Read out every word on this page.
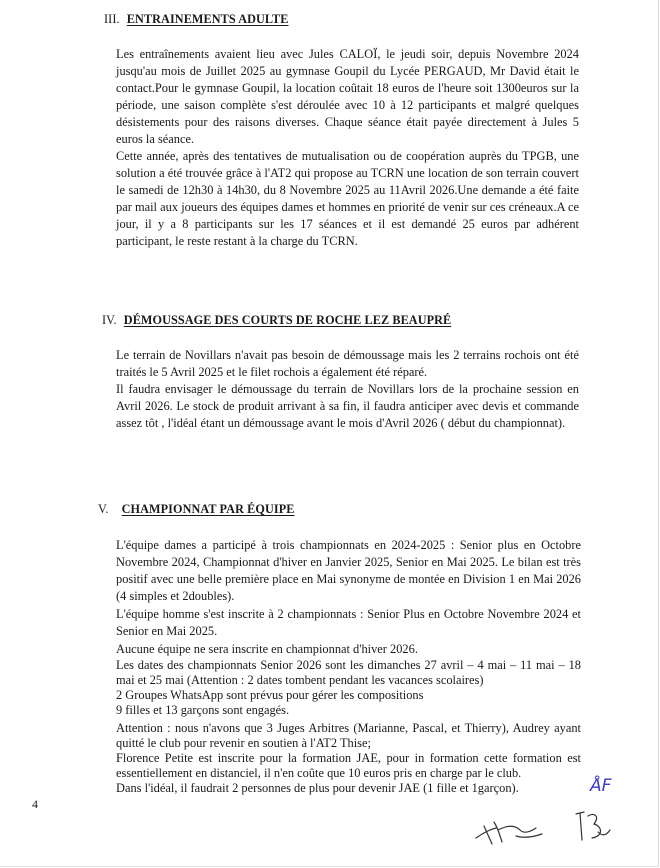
III. ENTRAINEMENTS ADULTE

Les entraînements avaient lieu avec Jules CALOÏ, le jeudi soir, depuis Novembre 2024 jusqu'au mois de Juillet 2025 au gymnase Goupil du Lycée PERGAUD, Mr David était le contact.Pour le gymnase Goupil, la location coûtait 18 euros de l'heure soit 1300euros sur la période, une saison complète s'est déroulée avec 10 à 12 participants et malgré quelques désistements pour des raisons diverses. Chaque séance était payée directement à Jules 5 euros la séance.

Cette année, après des tentatives de mutualisation ou de coopération auprès du TPGB, une solution a été trouvée grâce à l'AT2 qui propose au TCRN une location de son terrain couvert le samedi de 12h30 à 14h30, du 8 Novembre 2025 au 11Avril 2026.Une demande a été faite par mail aux joueurs des équipes dames et hommes en priorité de venir sur ces créneaux.A ce jour, il y a 8 participants sur les 17 séances et il est demandé 25 euros par adhérent participant, le reste restant à la charge du TCRN.

IV. DÉMOUSSAGE DES COURTS DE ROCHE LEZ BEAUPRÉ

Le terrain de Novillars n'avait pas besoin de démoussage mais les 2 terrains rochois ont été traités le 5 Avril 2025 et le filet rochois a également été réparé.

Il faudra envisager le démoussage du terrain de Novillars lors de la prochaine session en Avril 2026. Le stock de produit arrivant à sa fin, il faudra anticiper avec devis et commande assez tôt , l'idéal étant un démoussage avant le mois d'Avril 2026 ( début du championnat).

V. CHAMPIONNAT PAR ÉQUIPE

L'équipe dames a participé à trois championnats en 2024-2025 : Senior plus en Octobre Novembre 2024, Championnat d'hiver en Janvier 2025, Senior en Mai 2025. Le bilan est très positif avec une belle première place en Mai synonyme de montée en Division 1 en Mai 2026 (4 simples et 2doubles).

L'équipe homme s'est inscrite à 2 championnats : Senior Plus en Octobre Novembre 2024 et Senior en Mai 2025.

Aucune équipe ne sera inscrite en championnat d'hiver 2026.

Les dates des championnats Senior 2026 sont les dimanches 27 avril – 4 mai – 11 mai – 18 mai et 25 mai (Attention : 2 dates tombent pendant les vacances scolaires)

2 Groupes WhatsApp sont prévus pour gérer les compositions

9 filles et 13 garçons sont engagés.

Attention : nous n'avons que 3 Juges Arbitres (Marianne, Pascal, et Thierry), Audrey ayant quitté le club pour revenir en soutien à l'AT2 Thise;

Florence Petite est inscrite pour la formation JAE, pour in formation cette formation est essentiellement en distanciel, il n'en coûte que 10 euros pris en charge par le club.

Dans l'idéal, il faudrait 2 personnes de plus pour devenir JAE (1 fille et 1garçon).

4
ÅF
